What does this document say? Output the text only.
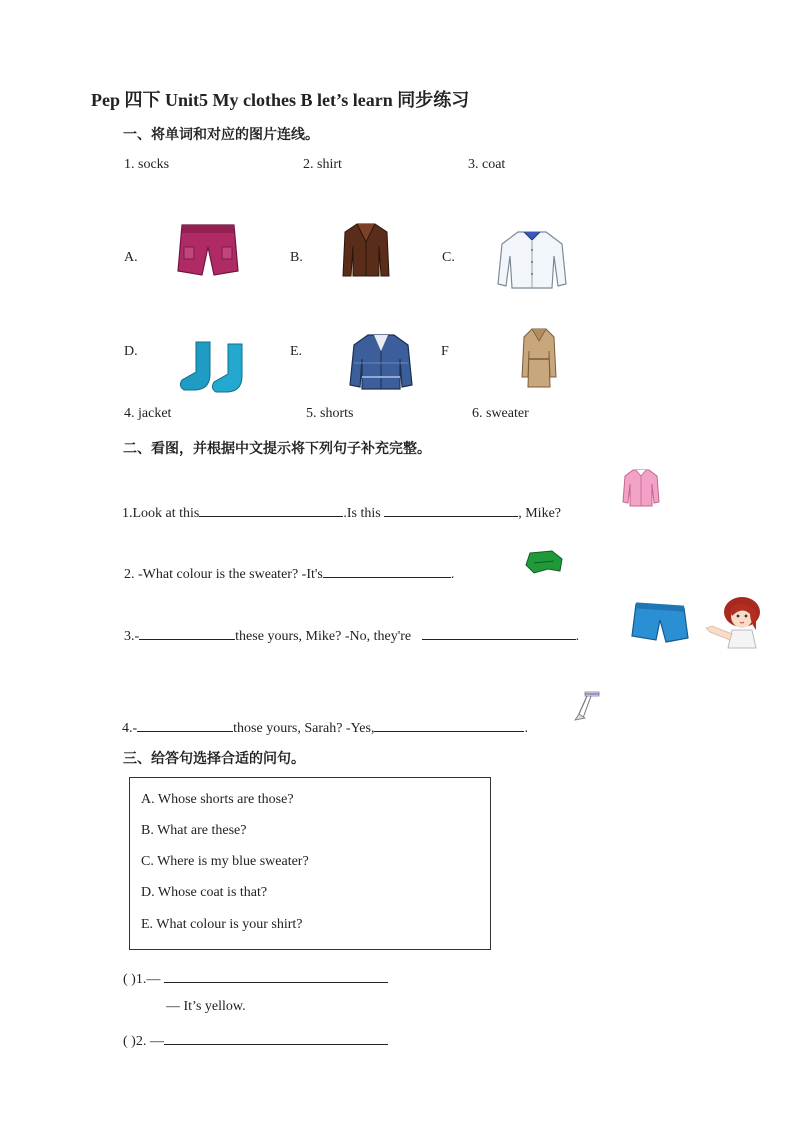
Pep 四下 Unit5 My clothes B let’s learn 同步练习
一、将单词和对应的图片连线。
1. socks	2. shirt	3. coat
A.	B.	C.
D.	E.	F
4. jacket	5. shorts	6. sweater
二、看图，并根据中文提示将下列句子补充完整。
1.Look at this	.Is this	, Mike?
2. -What colour is the sweater? -It's	.
3.-	these yours, Mike? -No, they're	.
4.-	those yours, Sarah? -Yes,	.
三、给答句选择合适的问句。
A. Whose shorts are those?
B. What are these?
C. Where is my blue sweater?
D. Whose coat is that?
E. What colour is your shirt?
( )1.—
— It’s yellow.
( )2. —
